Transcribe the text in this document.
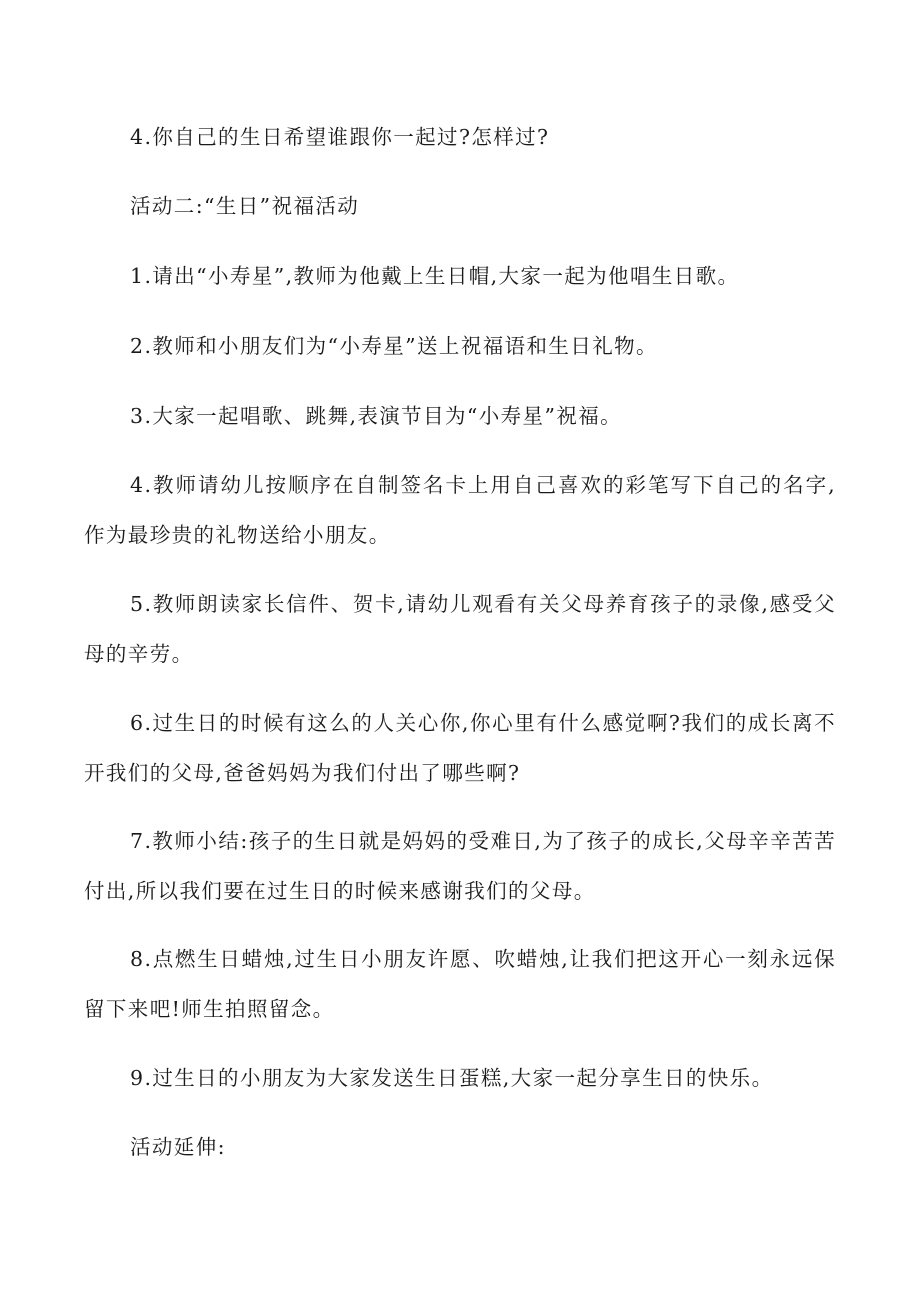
4.你自己的生日希望谁跟你一起过?怎样过?

活动二:“生日”祝福活动

1.请出“小寿星”,教师为他戴上生日帽,大家一起为他唱生日歌。

2.教师和小朋友们为“小寿星”送上祝福语和生日礼物。

3.大家一起唱歌、跳舞,表演节目为“小寿星”祝福。

4.教师请幼儿按顺序在自制签名卡上用自己喜欢的彩笔写下自己的名字,作为最珍贵的礼物送给小朋友。

5.教师朗读家长信件、贺卡,请幼儿观看有关父母养育孩子的录像,感受父母的辛劳。

6.过生日的时候有这么的人关心你,你心里有什么感觉啊?我们的成长离不开我们的父母,爸爸妈妈为我们付出了哪些啊?

7.教师小结:孩子的生日就是妈妈的受难日,为了孩子的成长,父母辛辛苦苦付出,所以我们要在过生日的时候来感谢我们的父母。

8.点燃生日蜡烛,过生日小朋友许愿、吹蜡烛,让我们把这开心一刻永远保留下来吧!师生拍照留念。

9.过生日的小朋友为大家发送生日蛋糕,大家一起分享生日的快乐。

活动延伸:
